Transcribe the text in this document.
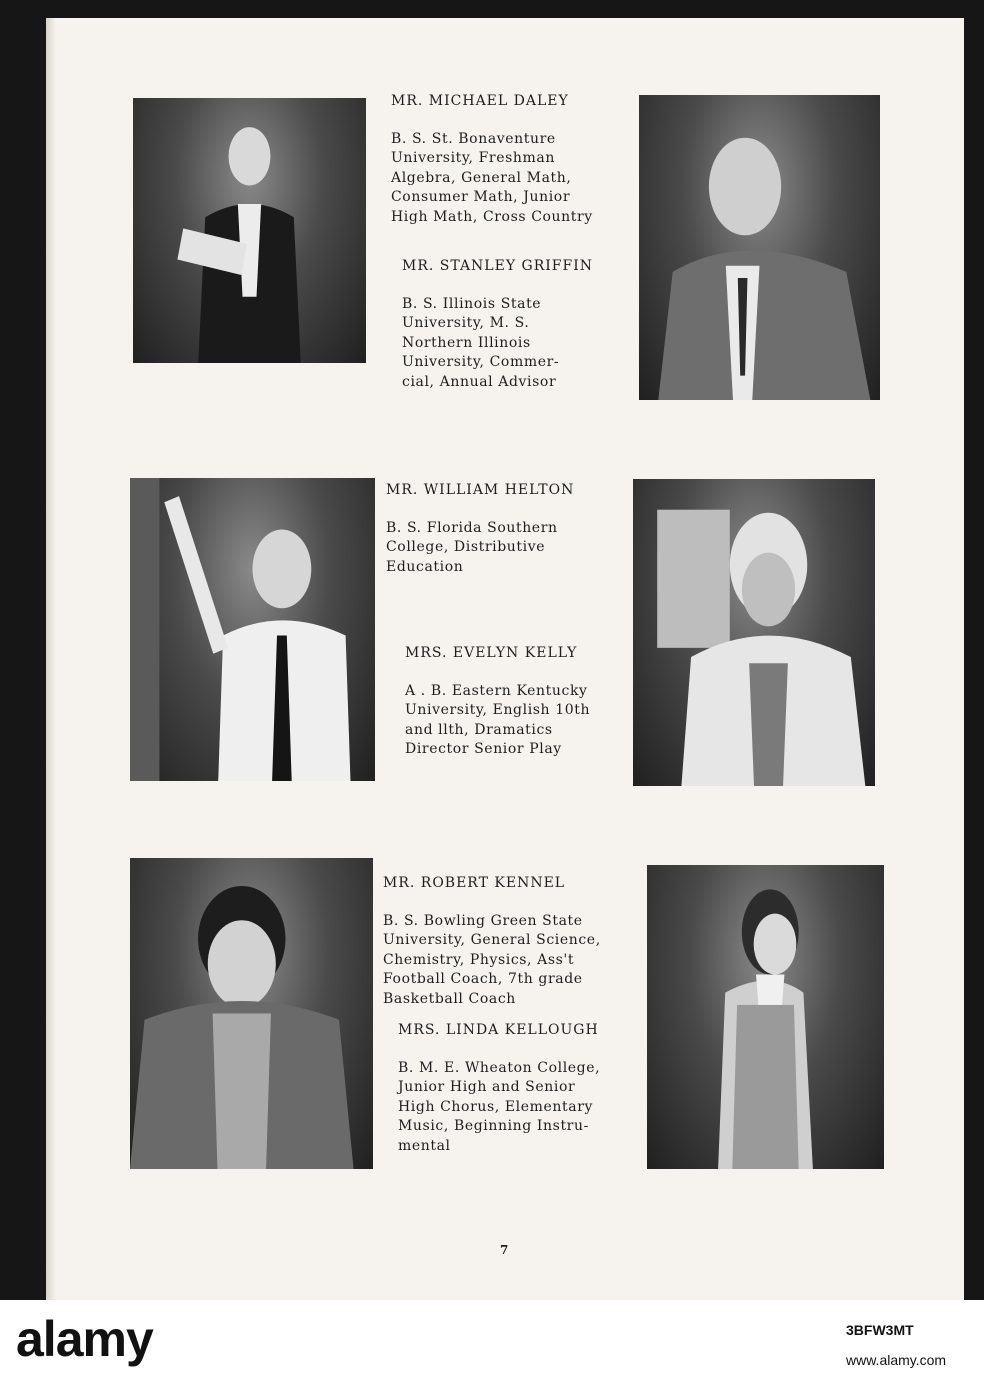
MR. MICHAEL DALEY

B. S. St. Bonaventure

University, Freshman

Algebra, General Math,

Consumer Math, Junior

High Math, Cross Country

MR. STANLEY GRIFFIN

B. S. Illinois State

University, M. S.

Northern Illinois

University, Commer-

cial, Annual Advisor

MR. WILLIAM HELTON

B. S. Florida Southern

College, Distributive

Education

MRS. EVELYN KELLY

A . B. Eastern Kentucky

University, English 10th

and llth, Dramatics

Director Senior Play

MR. ROBERT KENNEL

B. S. Bowling Green State

University, General Science,

Chemistry, Physics, Ass't

Football Coach, 7th grade

Basketball Coach

MRS. LINDA KELLOUGH

B. M. E. Wheaton College,

Junior High and Senior

High Chorus, Elementary

Music, Beginning Instru-

mental

7
alamy	3BFW3MT
www.alamy.com
